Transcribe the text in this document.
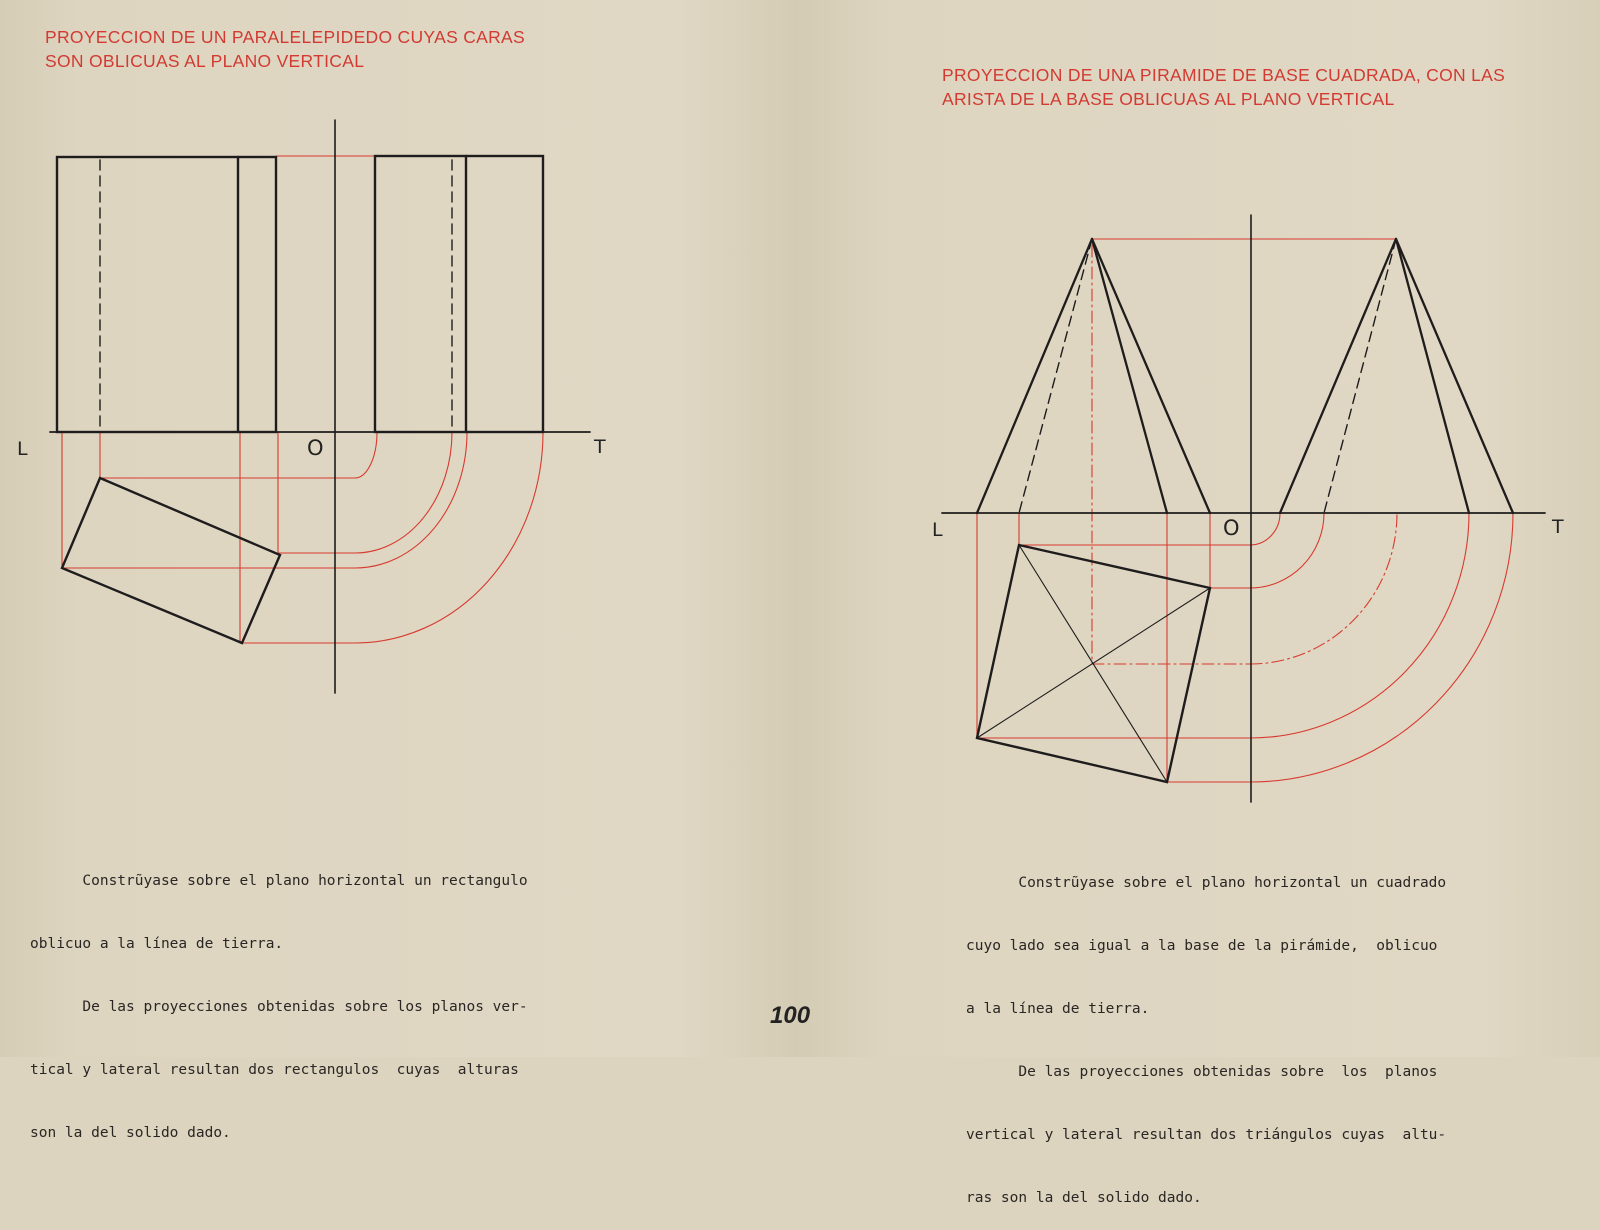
PROYECCION DE UN PARALELEPIDEDO CUYAS CARAS
SON OBLICUAS AL PLANO VERTICAL
PROYECCION DE UNA PIRAMIDE DE BASE CUADRADA, CON LAS
ARISTA DE LA BASE OBLICUAS AL PLANO VERTICAL
L	O	T
L	O	T

Constrũyase sobre el plano horizontal un rectangulo

oblicuo a la línea de tierra.

De las proyecciones obtenidas sobre los planos ver-

tical y lateral resultan dos rectangulos  cuyas  alturas

son la del solido dado.

Constrũyase sobre el plano horizontal un cuadrado

cuyo lado sea igual a la base de la pirámide,  oblicuo

a la línea de tierra.

De las proyecciones obtenidas sobre  los  planos

vertical y lateral resultan dos triángulos cuyas  altu-

ras son la del solido dado.

100
